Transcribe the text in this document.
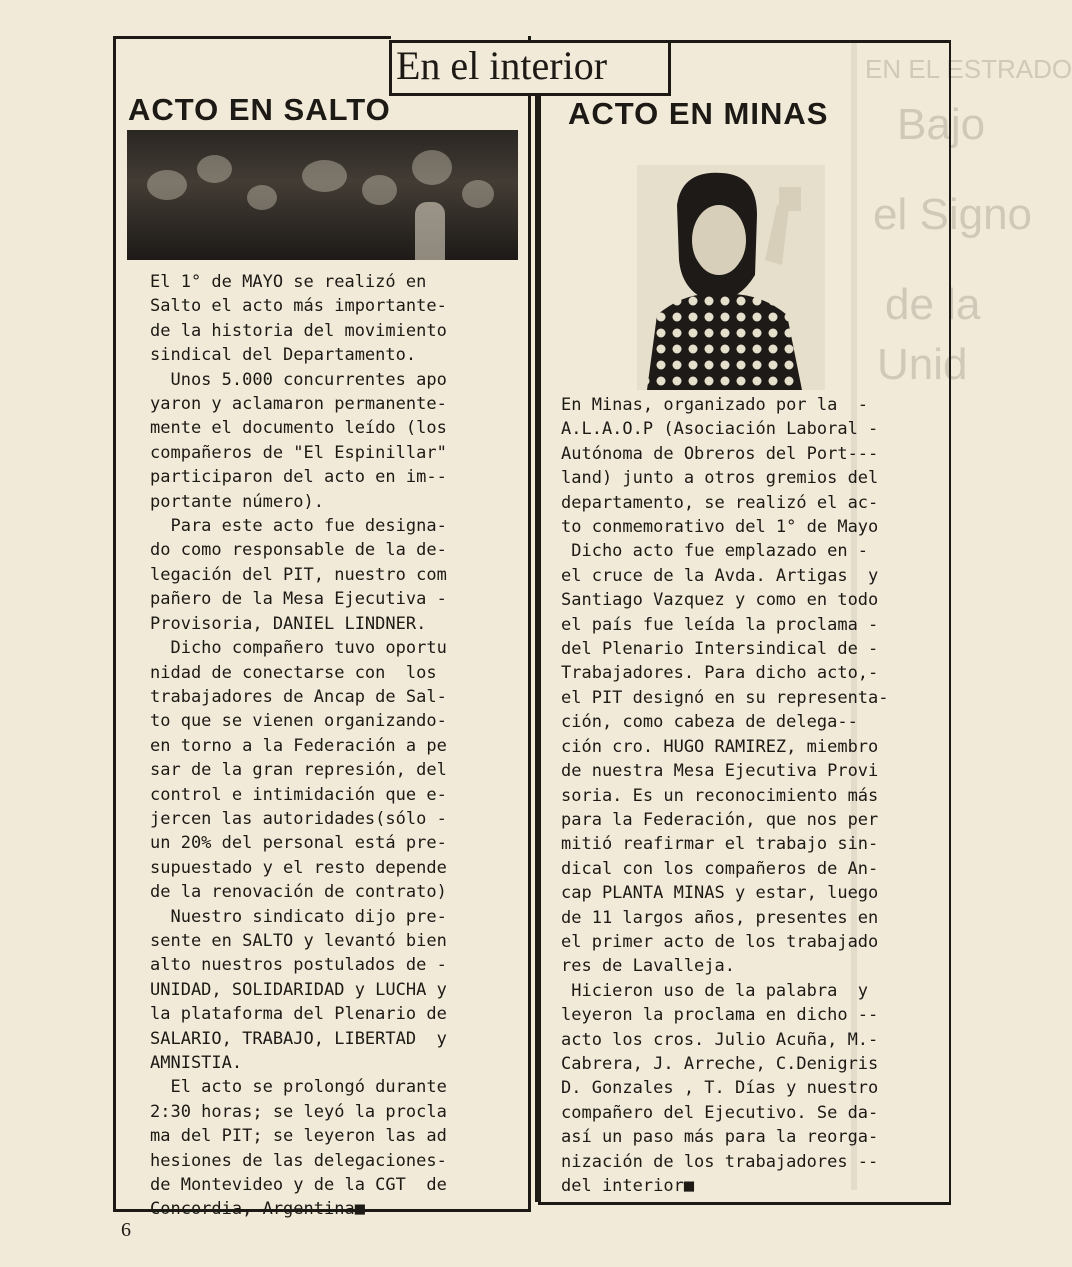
EN EL ESTRADO
Bajo
el Signo
de la
Unid
En el interior
ACTO EN SALTO
El 1° de MAYO se realizó en
Salto el acto más importante-
de la historia del movimiento
sindical del Departamento.
Unos 5.000 concurrentes apo
yaron y aclamaron permanente-
mente el documento leído (los
compañeros de "El Espinillar"
participaron del acto en im--
portante número).
Para este acto fue designa-
do como responsable de la de-
legación del PIT, nuestro com
pañero de la Mesa Ejecutiva -
Provisoria, DANIEL LINDNER.
Dicho compañero tuvo oportu
nidad de conectarse con  los
trabajadores de Ancap de Sal-
to que se vienen organizando-
en torno a la Federación a pe
sar de la gran represión, del
control e intimidación que e-
jercen las autoridades(sólo -
un 20% del personal está pre-
supuestado y el resto depende
de la renovación de contrato)
Nuestro sindicato dijo pre-
sente en SALTO y levantó bien
alto nuestros postulados de -
UNIDAD, SOLIDARIDAD y LUCHA y
la plataforma del Plenario de
SALARIO, TRABAJO, LIBERTAD  y
AMNISTIA.
El acto se prolongó durante
2:30 horas; se leyó la procla
ma del PIT; se leyeron las ad
hesiones de las delegaciones-
de Montevideo y de la CGT  de
Concordia, Argentina■
ACTO EN MINAS
En Minas, organizado por la  -
A.L.A.O.P (Asociación Laboral -
Autónoma de Obreros del Port---
land) junto a otros gremios del
departamento, se realizó el ac-
to conmemorativo del 1° de Mayo
Dicho acto fue emplazado en -
el cruce de la Avda. Artigas  y
Santiago Vazquez y como en todo
el país fue leída la proclama -
del Plenario Intersindical de -
Trabajadores. Para dicho acto,-
el PIT designó en su representa-
ción, como cabeza de delega--
ción cro. HUGO RAMIREZ, miembro
de nuestra Mesa Ejecutiva Provi
soria. Es un reconocimiento más
para la Federación, que nos per
mitió reafirmar el trabajo sin-
dical con los compañeros de An-
cap PLANTA MINAS y estar, luego
de 11 largos años, presentes en
el primer acto de los trabajado
res de Lavalleja.
Hicieron uso de la palabra  y
leyeron la proclama en dicho --
acto los cros. Julio Acuña, M.-
Cabrera, J. Arreche, C.Denigris
D. Gonzales , T. Días y nuestro
compañero del Ejecutivo. Se da-
así un paso más para la reorga-
nización de los trabajadores --
del interior■
6
